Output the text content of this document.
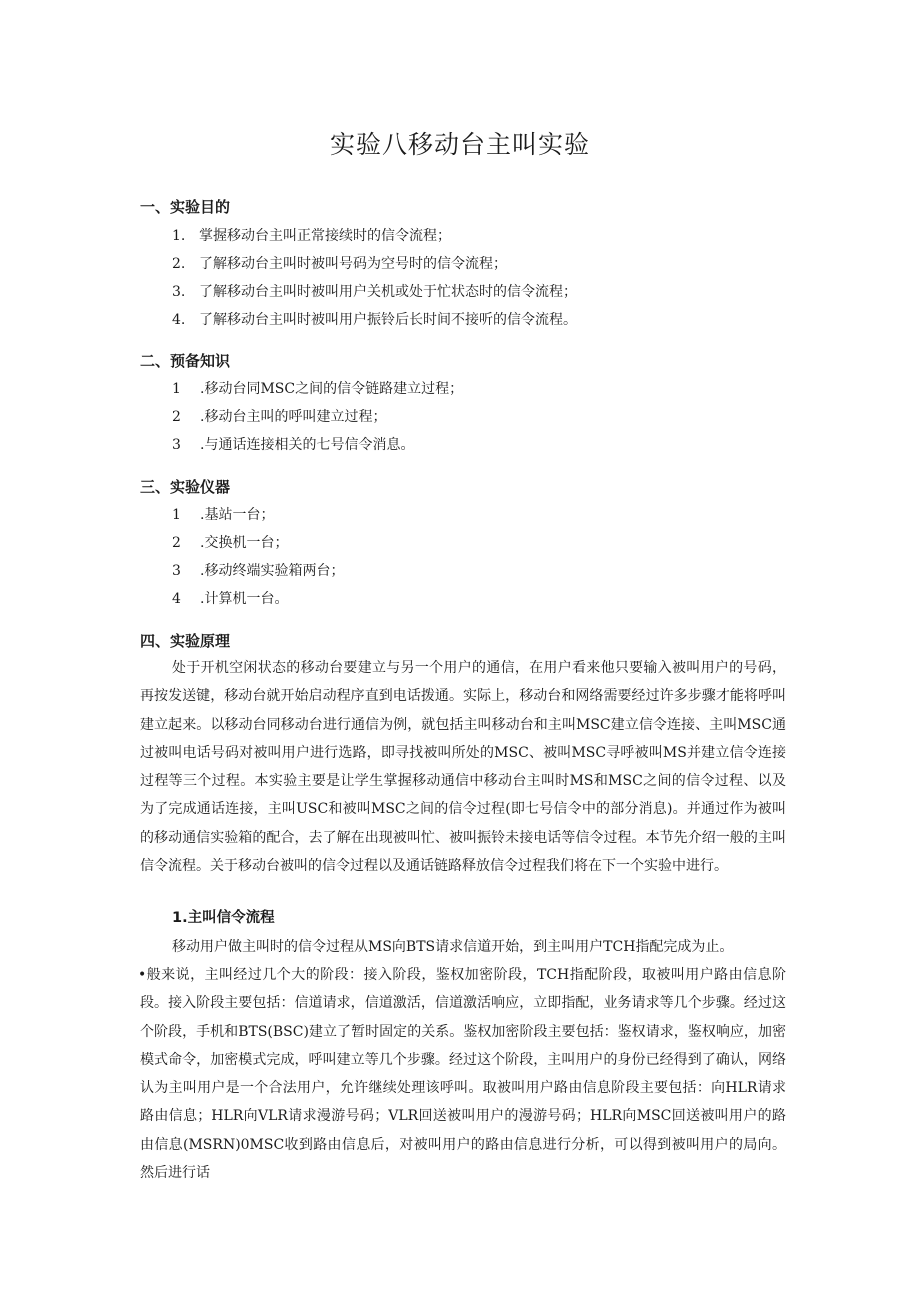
实验八移动台主叫实验
一、实验目的
1. 掌握移动台主叫正常接续时的信令流程；
2. 了解移动台主叫时被叫号码为空号时的信令流程；
3. 了解移动台主叫时被叫用户关机或处于忙状态时的信令流程；
4. 了解移动台主叫时被叫用户振铃后长时间不接听的信令流程。
二、预备知识
1 .移动台同MSC之间的信令链路建立过程；
2 .移动台主叫的呼叫建立过程；
3 .与通话连接相关的七号信令消息。
三、实验仪器
1 .基站一台；
2 .交换机一台；
3 .移动终端实验箱两台；
4 .计算机一台。
四、实验原理

处于开机空闲状态的移动台要建立与另一个用户的通信，在用户看来他只要输入被叫用户的号码，再按发送键，移动台就开始启动程序直到电话拨通。实际上，移动台和网络需要经过许多步骤才能将呼叫建立起来。以移动台同移动台进行通信为例，就包括主叫移动台和主叫MSC建立信令连接、主叫MSC通过被叫电话号码对被叫用户进行选路，即寻找被叫所处的MSC、被叫MSC寻呼被叫MS并建立信令连接过程等三个过程。本实验主要是让学生掌握移动通信中移动台主叫时MS和MSC之间的信令过程、以及为了完成通话连接，主叫USC和被叫MSC之间的信令过程(即七号信令中的部分消息)。并通过作为被叫的移动通信实验箱的配合，去了解在出现被叫忙、被叫振铃未接电话等信令过程。本节先介绍一般的主叫信令流程。关于移动台被叫的信令过程以及通话链路释放信令过程我们将在下一个实验中进行。

1.主叫信令流程

移动用户做主叫时的信令过程从MS向BTS请求信道开始，到主叫用户TCH指配完成为止。

•般来说，主叫经过几个大的阶段：接入阶段，鉴权加密阶段，TCH指配阶段，取被叫用户路由信息阶段。接入阶段主要包括：信道请求，信道激活，信道激活响应，立即指配，业务请求等几个步骤。经过这个阶段，手机和BTS(BSC)建立了暂时固定的关系。鉴权加密阶段主要包括：鉴权请求，鉴权响应，加密模式命令，加密模式完成，呼叫建立等几个步骤。经过这个阶段，主叫用户的身份已经得到了确认，网络认为主叫用户是一个合法用户，允许继续处理该呼叫。取被叫用户路由信息阶段主要包括：向HLR请求路由信息；HLR向VLR请求漫游号码；VLR回送被叫用户的漫游号码；HLR向MSC回送被叫用户的路由信息(MSRN)0MSC收到路由信息后，对被叫用户的路由信息进行分析，可以得到被叫用户的局向。然后进行话
